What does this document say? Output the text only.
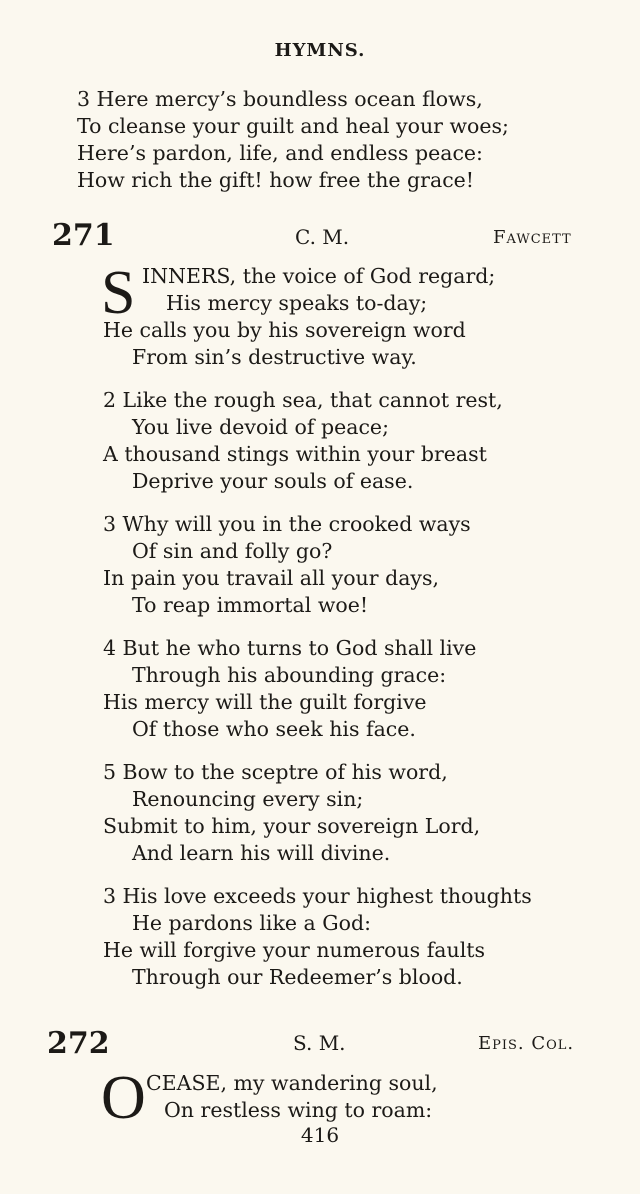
HYMNS.
3 Here mercy’s boundless ocean flows,
To cleanse your guilt and heal your woes;
Here’s pardon, life, and endless peace:
How rich the gift! how free the grace!
271	C. M.	Fawcett
S INNERS, the voice of God regard;
His mercy speaks to-day;
He calls you by his sovereign word
From sin’s destructive way.
2 Like the rough sea, that cannot rest,
You live devoid of peace;
A thousand stings within your breast
Deprive your souls of ease.
3 Why will you in the crooked ways
Of sin and folly go?
In pain you travail all your days,
To reap immortal woe!
4 But he who turns to God shall live
Through his abounding grace:
His mercy will the guilt forgive
Of those who seek his face.
5 Bow to the sceptre of his word,
Renouncing every sin;
Submit to him, your sovereign Lord,
And learn his will divine.
3 His love exceeds your highest thoughts
He pardons like a God:
He will forgive your numerous faults
Through our Redeemer’s blood.
272	S. M.	Epis. Col.
O CEASE, my wandering soul,
On restless wing to roam:
416
